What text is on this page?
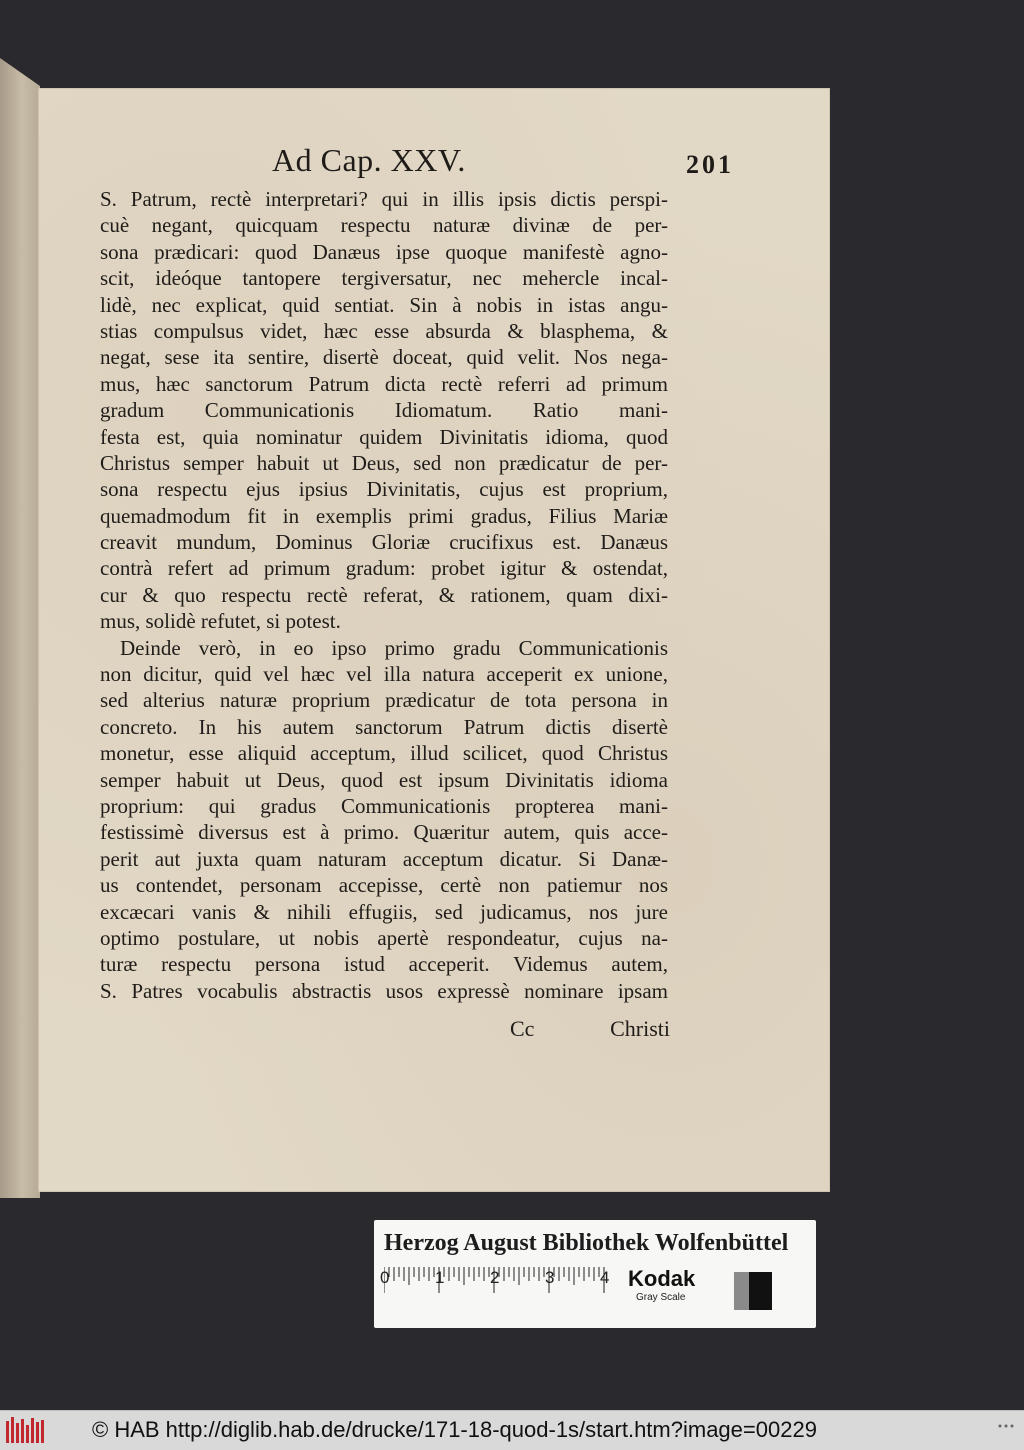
Ad Cap. XXV.	201
S. Patrum, rectè interpretari? qui in illis ipsis dictis perspi-
cuè negant, quicquam respectu naturæ divinæ de per-
sona prædicari: quod Danæus ipse quoque manifestè agno-
scit, ideóque tantopere tergiversatur, nec mehercle incal-
lidè, nec explicat, quid sentiat. Sin à nobis in istas angu-
stias compulsus videt, hæc esse absurda & blasphema, &
negat, sese ita sentire, disertè doceat, quid velit. Nos nega-
mus, hæc sanctorum Patrum dicta rectè referri ad primum
gradum Communicationis Idiomatum. Ratio mani-
festa est, quia nominatur quidem Divinitatis idioma, quod
Christus semper habuit ut Deus, sed non prædicatur de per-
sona respectu ejus ipsius Divinitatis, cujus est proprium,
quemadmodum fit in exemplis primi gradus, Filius Mariæ
creavit mundum, Dominus Gloriæ crucifixus est. Danæus
contrà refert ad primum gradum: probet igitur & ostendat,
cur & quo respectu rectè referat, & rationem, quam dixi-
mus, solidè refutet, si potest.
Deinde verò, in eo ipso primo gradu Communicationis
non dicitur, quid vel hæc vel illa natura acceperit ex unione,
sed alterius naturæ proprium prædicatur de tota persona in
concreto. In his autem sanctorum Patrum dictis disertè
monetur, esse aliquid acceptum, illud scilicet, quod Christus
semper habuit ut Deus, quod est ipsum Divinitatis idioma
proprium: qui gradus Communicationis propterea mani-
festissimè diversus est à primo. Quæritur autem, quis acce-
perit aut juxta quam naturam acceptum dicatur. Si Danæ-
us contendet, personam accepisse, certè non patiemur nos
excæcari vanis & nihili effugiis, sed judicamus, nos jure
optimo postulare, ut nobis apertè respondeatur, cujus na-
turæ respectu persona istud acceperit. Videmus autem,
S. Patres vocabulis abstractis usos expressè nominare ipsam
Cc	Christi
Herzog August Bibliothek Wolfenbüttel
0	1	2	3	4 Kodak
Gray Scale
© HAB http://diglib.hab.de/drucke/171-18-quod-1s/start.htm?image=00229
